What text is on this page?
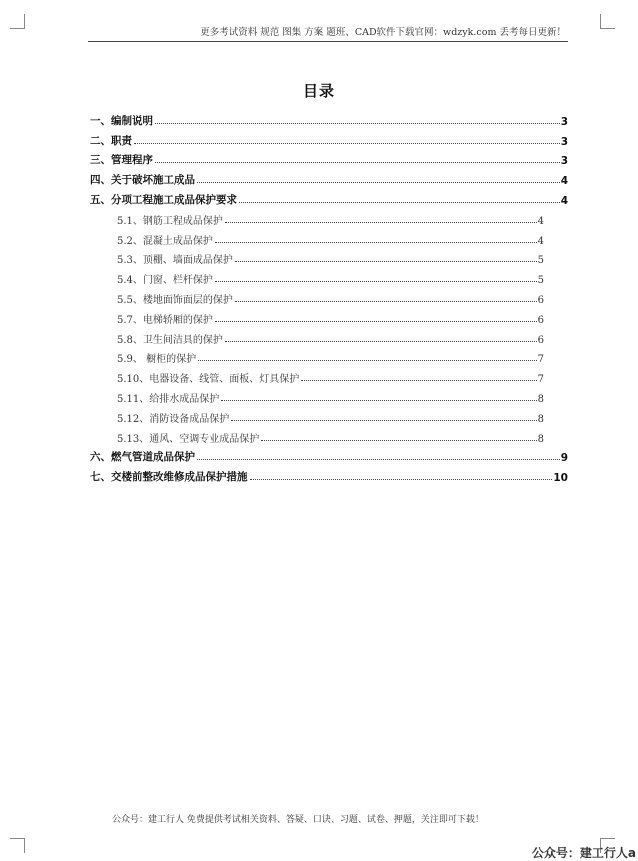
更多考试资料 规范 图集 方案 题班、CAD软件下载官网：wdzyk.com 丢考每日更新！
目录
一、编制说明	3
二、职责	3
三、管理程序	3
四、关于破坏施工成品	4
五、分项工程施工成品保护要求	4
5.1、钢筋工程成品保护	4
5.2、混凝土成品保护	4
5.3、顶棚、墙面成品保护	5
5.4、门窗、栏杆保护	5
5.5、楼地面饰面层的保护	6
5.7、电梯轿厢的保护	6
5.8、卫生间洁具的保护	6
5.9、 橱柜的保护	7
5.10、电器设备、线管、面板、灯具保护	7
5.11、给排水成品保护	8
5.12、消防设备成品保护	8
5.13、通风、空调专业成品保护	8
六、燃气管道成品保护	9
七、交楼前整改维修成品保护措施	10
公众号：建工行人 免费提供考试相关资料、答疑、口诀、习题、试卷、押题，关注即可下载！
公众号：建工行人a
